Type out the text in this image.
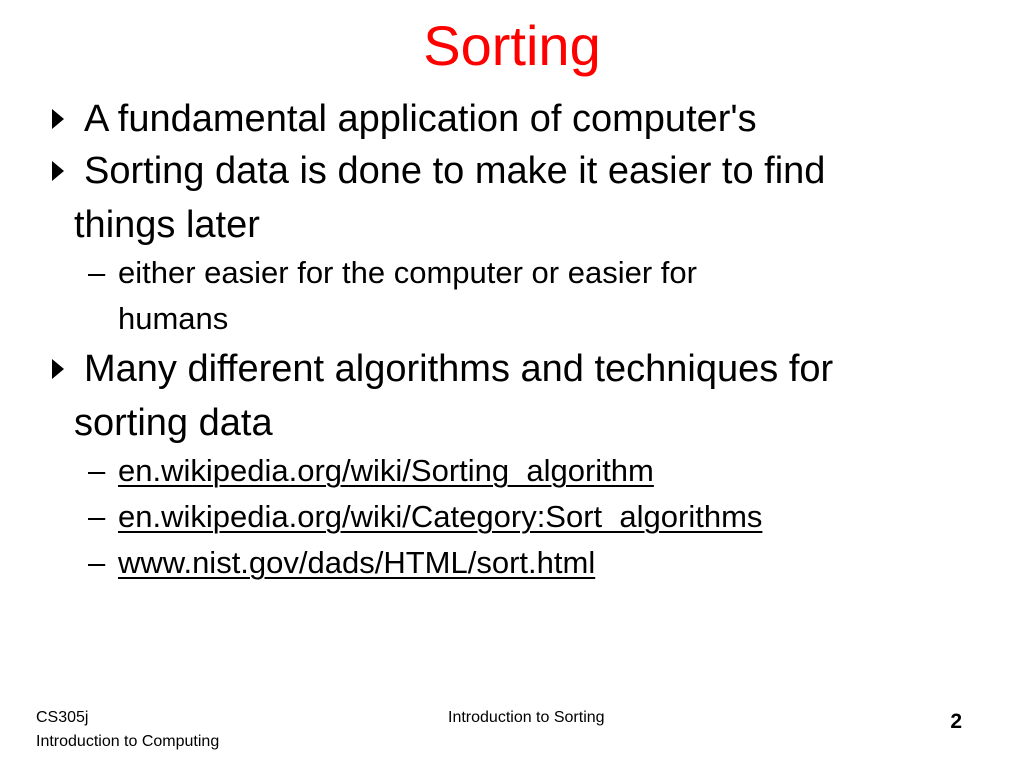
Sorting
A fundamental application of computer's
Sorting data is done to make it easier to find
things later
– either easier for the computer or easier for
humans
Many different algorithms and techniques for
sorting data
– en.wikipedia.org/wiki/Sorting_algorithm
– en.wikipedia.org/wiki/Category:Sort_algorithms
– www.nist.gov/dads/HTML/sort.html
CS305j
Introduction to Computing
Introduction to Sorting	2
